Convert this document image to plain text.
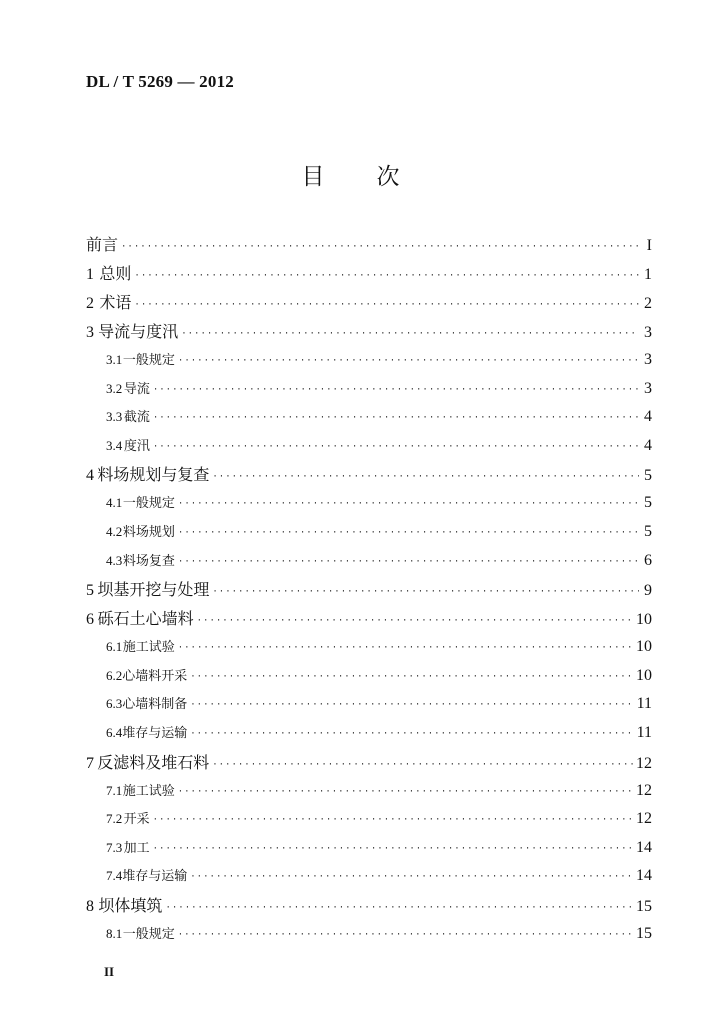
DL / T 5269 — 2012
目 次
前言 ·····	I
1 总则 ·····	1
2 术语 ·····	2
3 导流与度汛 ·····	3
3.1 一般规定 ·····	3
3.2 导流 ·····	3
3.3 截流 ·····	4
3.4 度汛 ·····	4
4 料场规划与复查 ·····	5
4.1 一般规定 ·····	5
4.2 料场规划 ·····	5
4.3 料场复查 ·····	6
5 坝基开挖与处理 ·····	9
6 砾石土心墙料 ·····	10
6.1 施工试验 ·····	10
6.2 心墙料开采 ·····	10
6.3 心墙料制备 ·····	11
6.4 堆存与运输 ·····	11
7 反滤料及堆石料 ·····	12
7.1 施工试验 ·····	12
7.2 开采 ·····	12
7.3 加工 ·····	14
7.4 堆存与运输 ·····	14
8 坝体填筑 ·····	15
8.1 一般规定 ·····	15
II
